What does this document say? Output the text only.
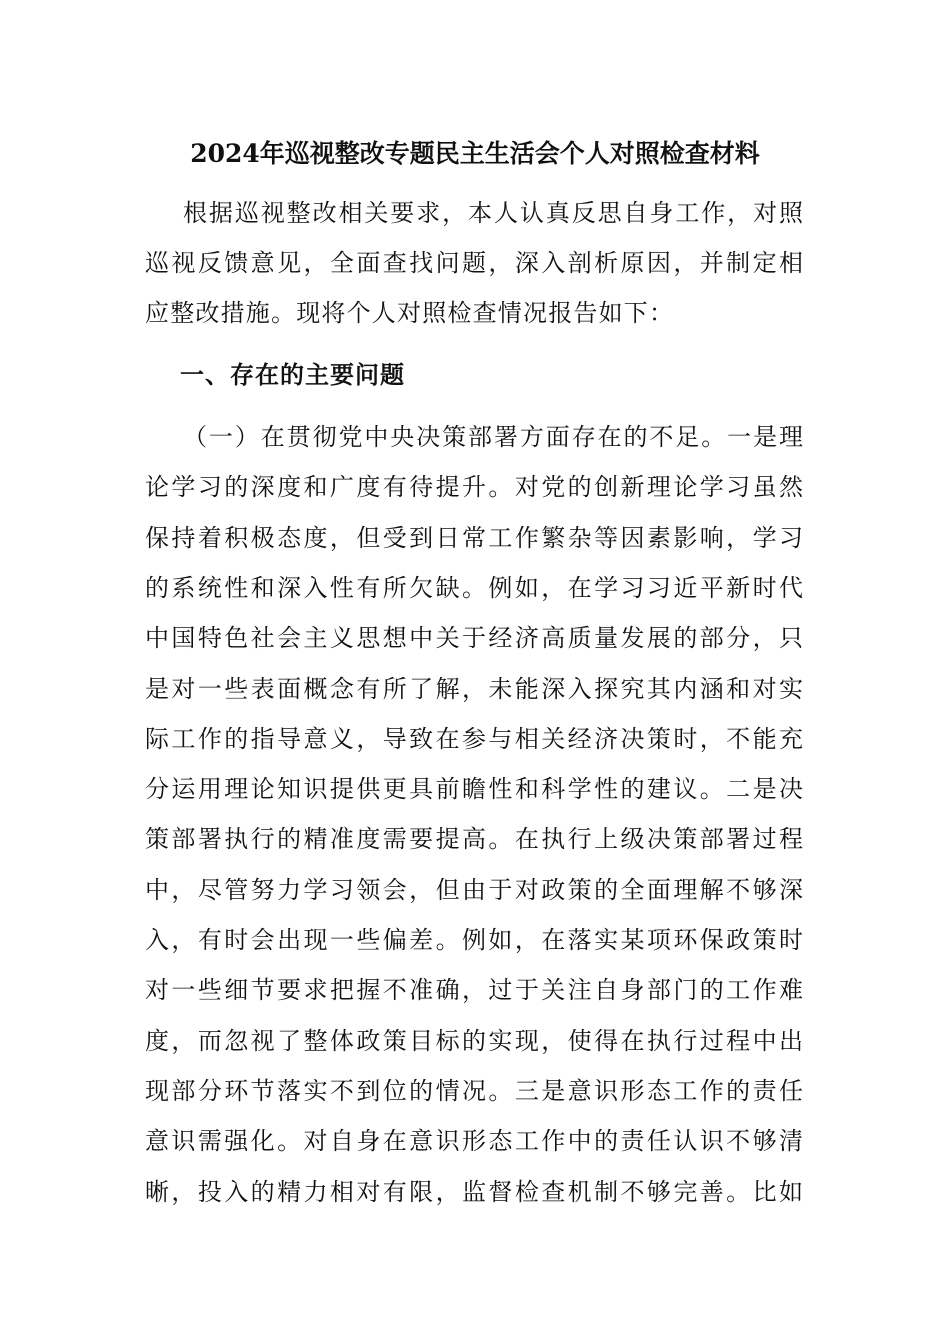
2024年巡视整改专题民主生活会个人对照检查材料
根据巡视整改相关要求，本人认真反思自身工作，对照
巡视反馈意见，全面查找问题，深入剖析原因，并制定相
应整改措施。现将个人对照检查情况报告如下：
一、存在的主要问题
（一）在贯彻党中央决策部署方面存在的不足。一是理
论学习的深度和广度有待提升。对党的创新理论学习虽然
保持着积极态度，但受到日常工作繁杂等因素影响，学习
的系统性和深入性有所欠缺。例如，在学习习近平新时代
中国特色社会主义思想中关于经济高质量发展的部分，只
是对一些表面概念有所了解，未能深入探究其内涵和对实
际工作的指导意义，导致在参与相关经济决策时，不能充
分运用理论知识提供更具前瞻性和科学性的建议。二是决
策部署执行的精准度需要提高。在执行上级决策部署过程
中，尽管努力学习领会，但由于对政策的全面理解不够深
入，有时会出现一些偏差。例如，在落实某项环保政策时
对一些细节要求把握不准确，过于关注自身部门的工作难
度，而忽视了整体政策目标的实现，使得在执行过程中出
现部分环节落实不到位的情况。三是意识形态工作的责任
意识需强化。对自身在意识形态工作中的责任认识不够清
晰，投入的精力相对有限，监督检查机制不够完善。比如
